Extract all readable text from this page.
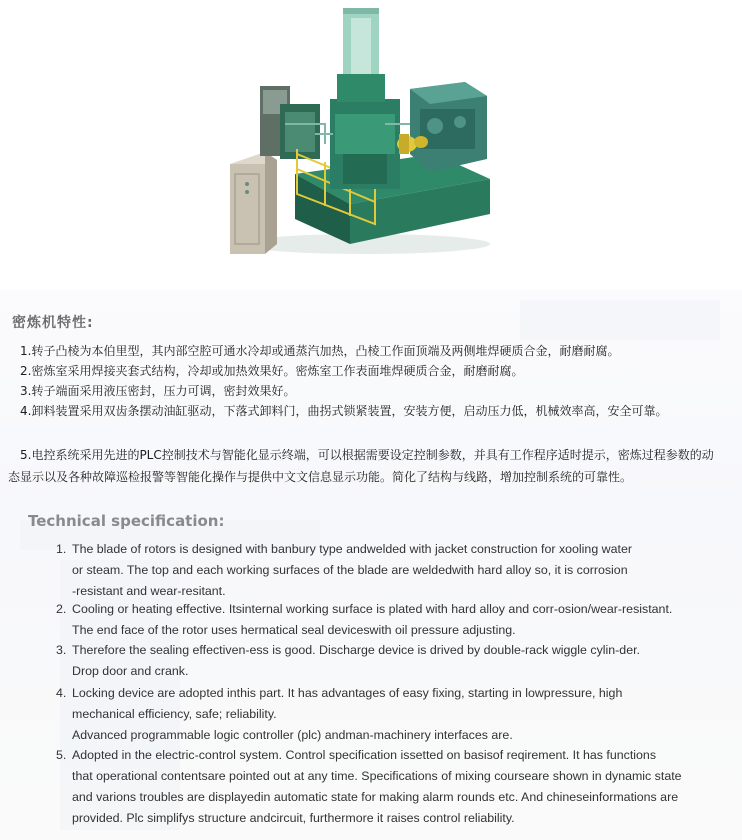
密炼机特性:
1.转子凸棱为本伯里型，其内部空腔可通水冷却或通蒸汽加热，凸棱工作面顶端及两侧堆焊硬质合金，耐磨耐腐。
2.密炼室采用焊接夹套式结构，冷却或加热效果好。密炼室工作表面堆焊硬质合金，耐磨耐腐。
3.转子端面采用液压密封，压力可调，密封效果好。
4.卸料装置采用双齿条摆动油缸驱动，下落式卸料门，曲拐式锁紧装置，安装方便，启动压力低，机械效率高，安全可靠。
5.电控系统采用先进的PLC控制技术与智能化显示终端，可以根据需要设定控制参数，并具有工作程序适时提示，密炼过程参数的动态显示以及各种故障巡检报警等智能化操作与提供中文文信息显示功能。简化了结构与线路，增加控制系统的可靠性。
Technical specification:
1. The blade of rotors is designed with banbury type andwelded with jacket construction for xooling water
or steam. The top and each working surfaces of the blade are weldedwith hard alloy so, it is corrosion
-resistant and wear-resitant.
2. Cooling or heating effective. Itsinternal working surface is plated with hard alloy and corr-osion/wear-resistant.
The end face of the rotor uses hermatical seal deviceswith oil pressure adjusting.
3. Therefore the sealing effectiven-ess is good. Discharge device is drived by double-rack wiggle cylin-der.
Drop door and crank.
4. Locking device are adopted inthis part. It has advantages of easy fixing, starting in lowpressure, high
mechanical efficiency, safe; reliability.
Advanced programmable logic controller (plc) andman-machinery interfaces are.
5. Adopted in the electric-control system. Control specification issetted on basisof reqirement. It has functions
that operational contentsare pointed out at any time. Specifications of mixing courseare shown in dynamic state
and varions troubles are displayedin automatic state for making alarm rounds etc. And chineseinformations are
provided. Plc simplifys structure andcircuit, furthermore it raises control reliability.
